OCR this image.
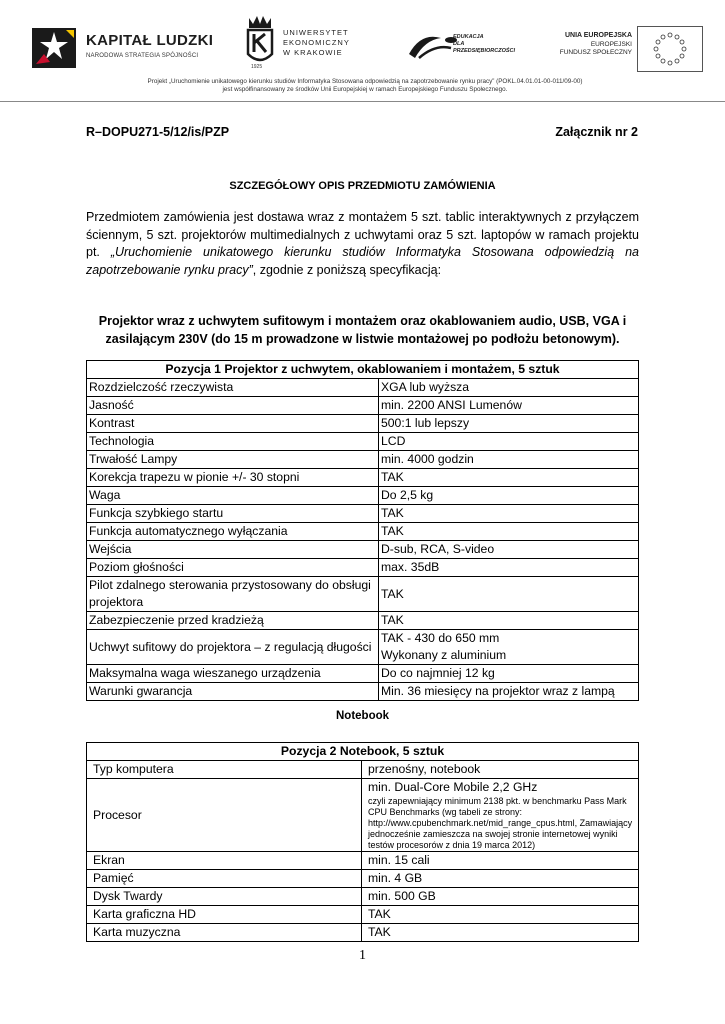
KAPITAŁ LUDZKI
NARODOWA STRATEGIA SPÓJNOŚCI
UNIWERSYTET
EKONOMICZNY
W KRAKOWIE
1925
EDUKACJA
DLA
PRZEDSIĘBIORCZOŚCI
UNIA EUROPEJSKA
EUROPEJSKI
FUNDUSZ SPOŁECZNY
Projekt „Uruchomienie unikatowego kierunku studiów Informatyka Stosowana odpowiedzią na zapotrzebowanie rynku pracy” (POKL.04.01.01-00-011/09-00)
jest współfinansowany ze środków Unii Europejskiej w ramach Europejskiego Funduszu Społecznego.
R–DOPU271-5/12/is/PZP	Załącznik nr 2
SZCZEGÓŁOWY OPIS PRZEDMIOTU ZAMÓWIENIA
Przedmiotem zamówienia jest dostawa wraz z montażem 5 szt. tablic interaktywnych z przyłączem ściennym, 5 szt. projektorów multimedialnych z uchwytami oraz 5 szt. laptopów w ramach projektu pt. „Uruchomienie unikatowego kierunku studiów Informatyka Stosowana odpowiedzią na zapotrzebowanie rynku pracy”, zgodnie z poniższą specyfikacją:
Projektor wraz z uchwytem sufitowym i montażem oraz okablowaniem audio, USB, VGA i
zasilającym 230V (do 15 m prowadzone w listwie montażowej po podłożu betonowym).
Pozycja 1 Projektor z uchwytem, okablowaniem i montażem, 5 sztuk	
Rozdzielczość rzeczywista	XGA lub wyższa
Jasność	min. 2200 ANSI Lumenów
Kontrast	500:1 lub lepszy
Technologia	LCD
Trwałość Lampy	min. 4000 godzin
Korekcja trapezu w pionie +/- 30 stopni	TAK
Waga	Do 2,5 kg
Funkcja szybkiego startu	TAK
Funkcja automatycznego wyłączania	TAK
Wejścia	D-sub, RCA, S-video
Poziom głośności	max. 35dB
Pilot zdalnego sterowania przystosowany do obsługi projektora	TAK
Zabezpieczenie przed kradzieżą	TAK
Uchwyt sufitowy do projektora – z regulacją długości	TAK - 430 do 650 mm
Wykonany z aluminium

Maksymalna waga wieszanego urządzenia	Do co najmniej 12 kg
Warunki gwarancja	Min. 36 miesięcy na projektor wraz z lampą
Notebook
Pozycja 2 Notebook, 5 sztuk	
Typ komputera	przenośny, notebook
Procesor	min. Dual-Core Mobile 2,2 GHz
czyli zapewniający minimum 2138 pkt. w benchmarku Pass Mark CPU Benchmarks (wg tabeli ze strony: http://www.cpubenchmark.net/mid_range_cpus.html, Zamawiający jednocześnie zamieszcza na swojej stronie internetowej wyniki testów procesorów z dnia 19 marca 2012)

Ekran	min. 15 cali
Pamięć	min. 4 GB
Dysk Twardy	min. 500 GB
Karta graficzna HD	TAK
Karta muzyczna	TAK
1
